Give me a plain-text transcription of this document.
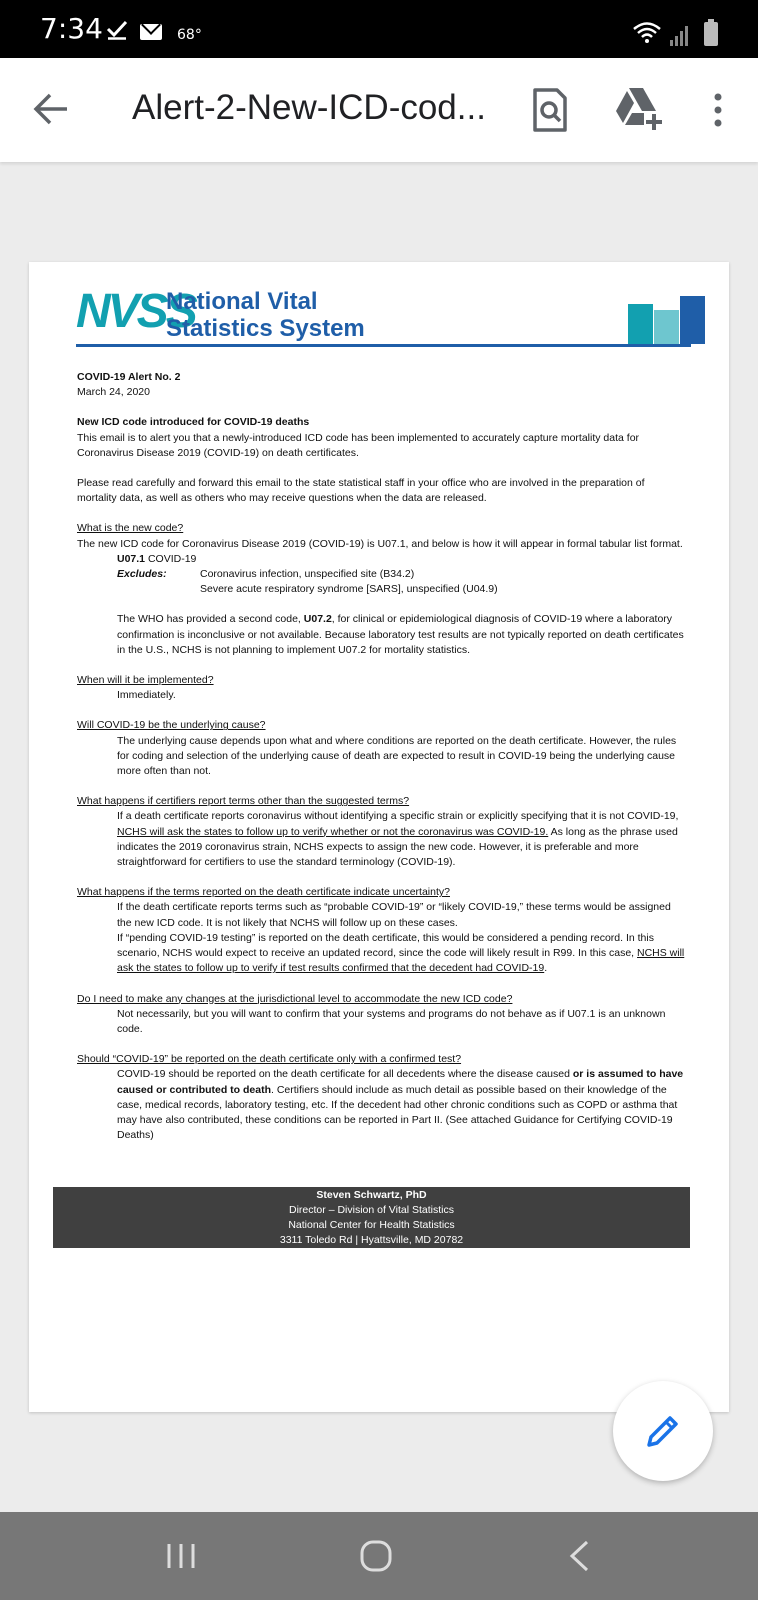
7:34	68°
Alert-2-New-ICD-cod...
NVSS
National Vital Statistics System

COVID-19 Alert No. 2

March 24, 2020

New ICD code introduced for COVID-19 deaths

This email is to alert you that a newly-introduced ICD code has been implemented to accurately capture mortality data for Coronavirus Disease 2019 (COVID-19) on death certificates.

Please read carefully and forward this email to the state statistical staff in your office who are involved in the preparation of mortality data, as well as others who may receive questions when the data are released.

What is the new code?

The new ICD code for Coronavirus Disease 2019 (COVID-19) is U07.1, and below is how it will appear in formal tabular list format.

U07.1 COVID-19

Excludes:	Coronavirus infection, unspecified site (B34.2)
Severe acute respiratory syndrome [SARS], unspecified (U04.9)

The WHO has provided a second code, U07.2, for clinical or epidemiological diagnosis of COVID-19 where a laboratory confirmation is inconclusive or not available. Because laboratory test results are not typically reported on death certificates in the U.S., NCHS is not planning to implement U07.2 for mortality statistics.

When will it be implemented?

Immediately.

Will COVID-19 be the underlying cause?

The underlying cause depends upon what and where conditions are reported on the death certificate. However, the rules for coding and selection of the underlying cause of death are expected to result in COVID-19 being the underlying cause more often than not.

What happens if certifiers report terms other than the suggested terms?

If a death certificate reports coronavirus without identifying a specific strain or explicitly specifying that it is not COVID-19, NCHS will ask the states to follow up to verify whether or not the coronavirus was COVID-19. As long as the phrase used indicates the 2019 coronavirus strain, NCHS expects to assign the new code. However, it is preferable and more straightforward for certifiers to use the standard terminology (COVID-19).

What happens if the terms reported on the death certificate indicate uncertainty?

If the death certificate reports terms such as “probable COVID-19” or “likely COVID-19,” these terms would be assigned the new ICD code. It is not likely that NCHS will follow up on these cases.

If “pending COVID-19 testing” is reported on the death certificate, this would be considered a pending record. In this scenario, NCHS would expect to receive an updated record, since the code will likely result in R99. In this case, NCHS will ask the states to follow up to verify if test results confirmed that the decedent had COVID-19.

Do I need to make any changes at the jurisdictional level to accommodate the new ICD code?

Not necessarily, but you will want to confirm that your systems and programs do not behave as if U07.1 is an unknown code.

Should “COVID-19” be reported on the death certificate only with a confirmed test?

COVID-19 should be reported on the death certificate for all decedents where the disease caused or is assumed to have caused or contributed to death. Certifiers should include as much detail as possible based on their knowledge of the case, medical records, laboratory testing, etc. If the decedent had other chronic conditions such as COPD or asthma that may have also contributed, these conditions can be reported in Part II. (See attached Guidance for Certifying COVID-19 Deaths)

Steven Schwartz, PhD

Director – Division of Vital Statistics

National Center for Health Statistics

3311 Toledo Rd | Hyattsville, MD 20782
